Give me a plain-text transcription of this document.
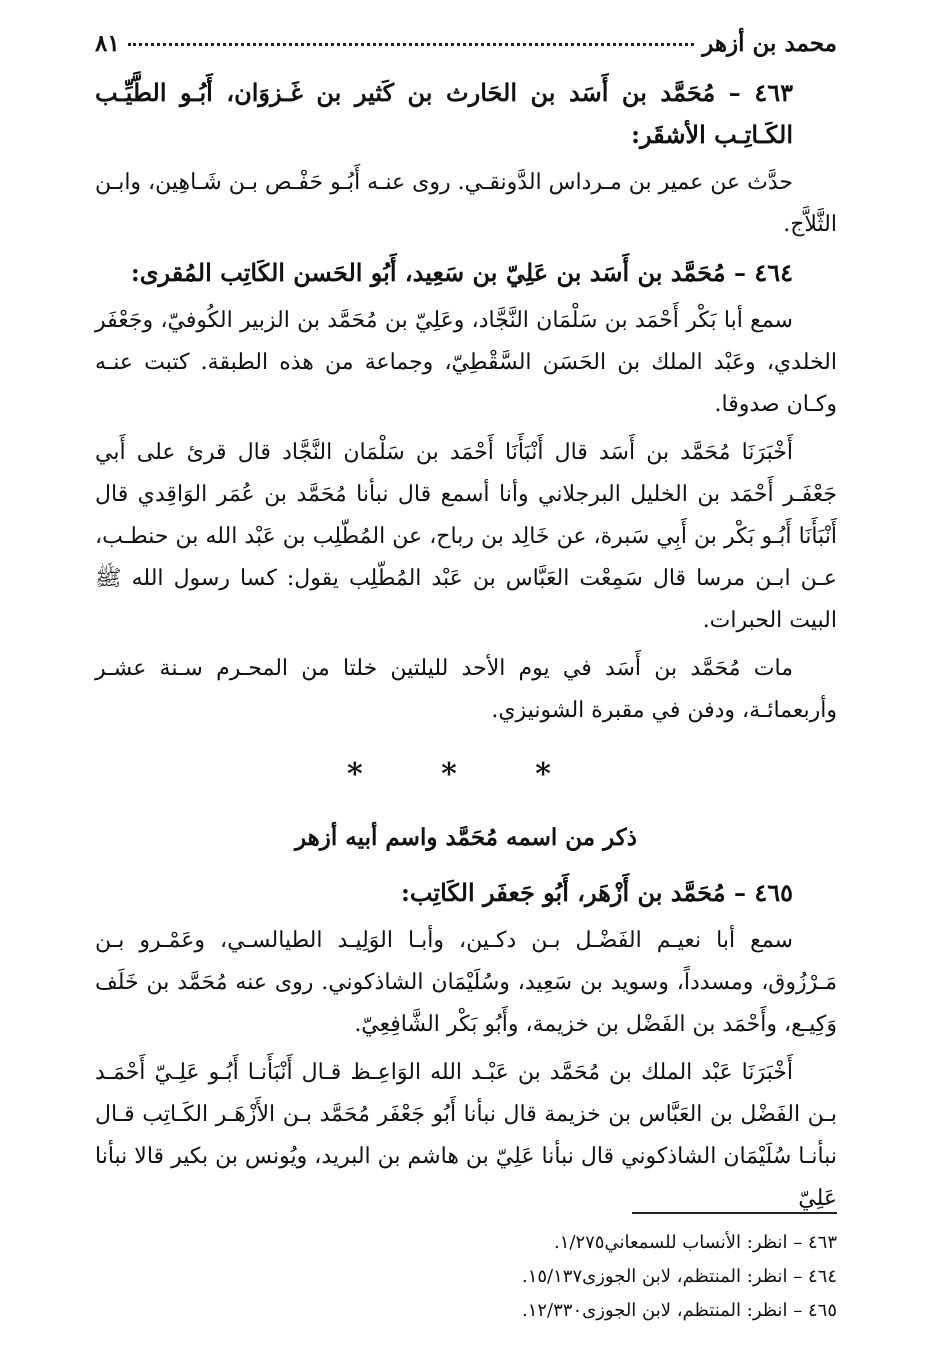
محمد بن أزهر
٨١

٤٦٣ – مُحَمَّد بن أَسَد بن الحَارث بن كَثير بن غَـزوَان، أَبُـو الطَّيِّـب الكَـاتِـب الأشقَر:

حدَّث عن عمير بن مـرداس الدَّونقـي. روى عنـه أَبُـو حَفْـص بـن شَـاهِين، وابـن الثَّلاَّج.

٤٦٤ – مُحَمَّد بن أَسَد بن عَلِيّ بن سَعِيد، أَبُو الحَسن الكَاتِب المُقرى:

سمع أبا بَكْر أَحْمَد بن سَلْمَان النَّجَّاد، وعَلِيّ بن مُحَمَّد بن الزبير الكُوفيّ، وجَعْفَر الخلدي، وعَبْد الملك بن الحَسَن السَّقْطِيّ، وجماعة من هذه الطبقة. كتبت عنـه وكـان صدوقا.

أَخْبَرَنَا مُحَمَّد بن أَسَد قال أَنْبَأَنَا أَحْمَد بن سَلْمَان النَّجَّاد قال قرئ على أَبي جَعْفَـر أَحْمَد بن الخليل البرجلاني وأنا أسمع قال نبأنا مُحَمَّد بن عُمَر الوَاقِدي قال أَنْبَأَنَا أَبُـو بَكْر بن أَبِي سَبرة، عن خَالِد بن رباح، عن المُطّلِب بن عَبْد الله بن حنطـب، عـن ابـن مرسا قال سَمِعْت العَبَّاس بن عَبْد المُطّلِب يقول: كسا رسول الله ﷺ البيت الحبرات.

مات مُحَمَّد بن أَسَد في يوم الأحد لليلتين خلتا من المحـرم سـنة عشـر وأربعمائـة، ودفن في مقبرة الشونيزي.

* * *
ذكر من اسمه مُحَمَّد واسم أبيه أزهر

٤٦٥ – مُحَمَّد بن أَزْهَر، أَبُو جَعفَر الكَاتِب:

سمع أبا نعيـم الفَضْـل بـن دكـين، وأبـا الوَلِيـد الطيالسـي، وعَمْـرو بـن مَـرْزُوق، ومسدداً، وسويد بن سَعِيد، وسُلَيْمَان الشاذكوني. روى عنه مُحَمَّد بن خَلَف وَكِيـع، وأَحْمَد بن الفَضْل بن خزيمة، وأَبُو بَكْر الشَّافِعِيّ.

أَخْبَرَنَا عَبْد الملك بن مُحَمَّد بن عَبْـد الله الوَاعِـظ قـال أَنْبَأَنـا أَبُـو عَلِـيّ أَحْمَـد بـن الفَضْل بن العَبَّاس بن خزيمة قال نبأنا أَبُو جَعْفَر مُحَمَّد بـن الأَزْهَـر الكَـاتِب قـال نبأنـا سُلَيْمَان الشاذكوني قال نبأنا عَلِيّ بن هاشم بن البريد، ويُونس بن بكير قالا نبأنا عَلِيّ

٤٦٣ – انظر: الأنساب للسمعاني١/٢٧٥.

٤٦٤ – انظر: المنتظم، لابن الجوزى١٥/١٣٧.

٤٦٥ – انظر: المنتظم، لابن الجوزى١٢/٣٣٠.
